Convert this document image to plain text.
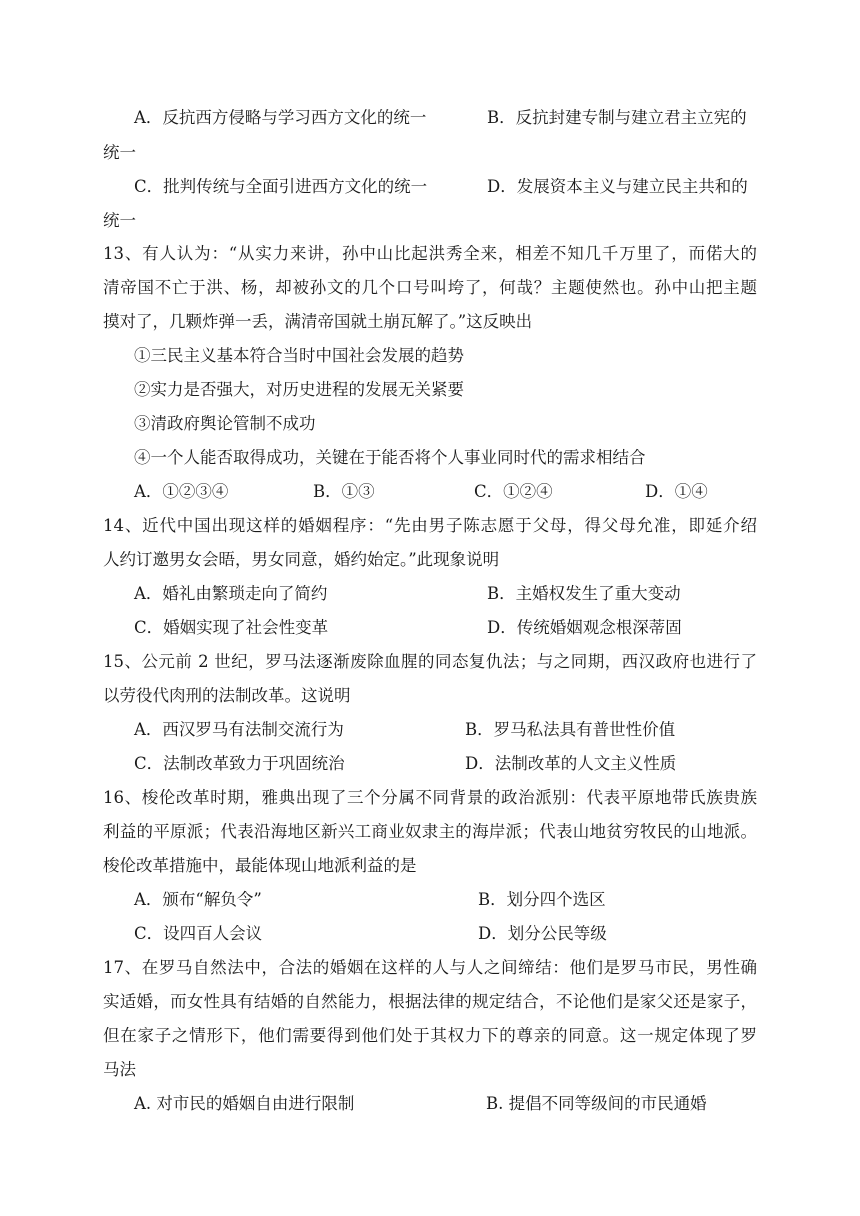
A．反抗西方侵略与学习西方文化的统一	B．反抗封建专制与建立君主立宪的
统一
C．批判传统与全面引进西方文化的统一	D．发展资本主义与建立民主共和的
统一
13、有人认为：“从实力来讲，孙中山比起洪秀全来，相差不知几千万里了，而偌大的
清帝国不亡于洪、杨，却被孙文的几个口号叫垮了，何哉？主题使然也。孙中山把主题
摸对了，几颗炸弹一丢，满清帝国就土崩瓦解了。”这反映出
①三民主义基本符合当时中国社会发展的趋势
②实力是否强大，对历史进程的发展无关紧要
③清政府舆论管制不成功
④一个人能否取得成功，关键在于能否将个人事业同时代的需求相结合
A．①②③④	B．①③	C．①②④	D．①④
14、近代中国出现这样的婚姻程序：“先由男子陈志愿于父母，得父母允准，即延介绍
人约订邀男女会晤，男女同意，婚约始定。”此现象说明
A．婚礼由繁琐走向了简约	B．主婚权发生了重大变动
C．婚姻实现了社会性变革	D．传统婚姻观念根深蒂固
15、公元前 2 世纪，罗马法逐渐废除血腥的同态复仇法；与之同期，西汉政府也进行了
以劳役代肉刑的法制改革。这说明
A．西汉罗马有法制交流行为	B．罗马私法具有普世性价值
C．法制改革致力于巩固统治	D．法制改革的人文主义性质
16、梭伦改革时期，雅典出现了三个分属不同背景的政治派别：代表平原地带氏族贵族
利益的平原派；代表沿海地区新兴工商业奴隶主的海岸派；代表山地贫穷牧民的山地派。
梭伦改革措施中，最能体现山地派利益的是
A．颁布“解负令”	B．划分四个选区
C．设四百人会议	D．划分公民等级
17、在罗马自然法中，合法的婚姻在这样的人与人之间缔结：他们是罗马市民，男性确
实适婚，而女性具有结婚的自然能力，根据法律的规定结合，不论他们是家父还是家子，
但在家子之情形下，他们需要得到他们处于其权力下的尊亲的同意。这一规定体现了罗
马法
A. 对市民的婚姻自由进行限制	B. 提倡不同等级间的市民通婚
